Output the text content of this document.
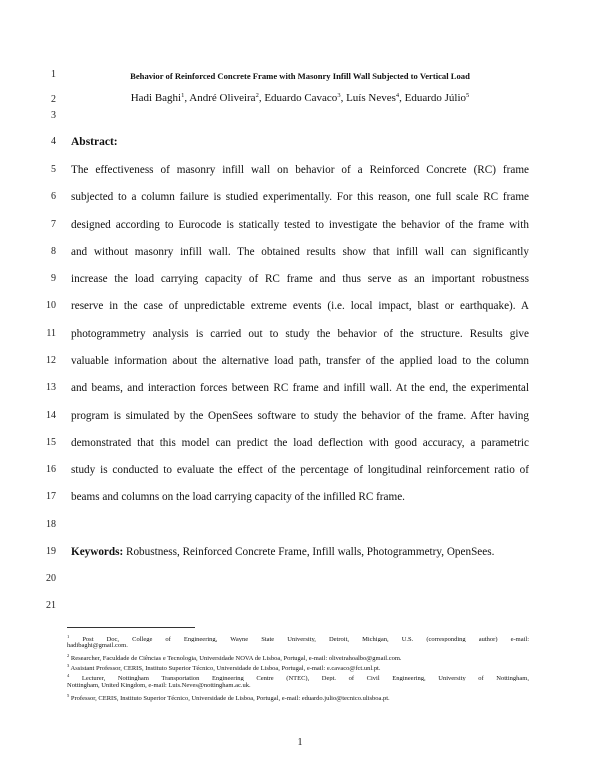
1
2
3
4
5
6
7
8
9
10
11
12
13
14
15
16
17
18
19
20
21
Behavior of Reinforced Concrete Frame with Masonry Infill Wall Subjected to Vertical Load
Hadi Baghi$^1$, André Oliveira$^2$, Eduardo Cavaco$^3$, Luís Neves$^4$, Eduardo Júlio$^5$
Abstract:
The effectiveness of masonry infill wall on behavior of a Reinforced Concrete (RC) frame
subjected to a column failure is studied experimentally. For this reason, one full scale RC frame
designed according to Eurocode is statically tested to investigate the behavior of the frame with
and without masonry infill wall. The obtained results show that infill wall can significantly
increase the load carrying capacity of RC frame and thus serve as an important robustness
reserve in the case of unpredictable extreme events (i.e. local impact, blast or earthquake). A
photogrammetry analysis is carried out to study the behavior of the structure. Results give
valuable information about the alternative load path, transfer of the applied load to the column
and beams, and interaction forces between RC frame and infill wall. At the end, the experimental
program is simulated by the OpenSees software to study the behavior of the frame. After having
demonstrated that this model can predict the load deflection with good accuracy, a parametric
study is conducted to evaluate the effect of the percentage of longitudinal reinforcement ratio of
beams and columns on the load carrying capacity of the infilled RC frame.
Keywords: Robustness, Reinforced Concrete Frame, Infill walls, Photogrammetry, OpenSees.
$^1$ Post Doc, College of Engineering, Wayne State University, Detroit, Michigan, U.S. (corresponding author) e-mail:
hadibaghi@gmail.com.
$^2$ Researcher, Faculdade de Ciências e Tecnologia, Universidade NOVA de Lisboa, Portugal, e-mail: oliveirahoalbo@gmail.com.
$^3$ Assistant Professor, CERIS, Instituto Superior Técnico, Universidade de Lisboa, Portugal, e-mail: e.cavaco@fct.unl.pt.
$^4$ Lecturer, Nottingham Transportation Engineering Centre (NTEC), Dept. of Civil Engineering, University of Nottingham,
Nottingham, United Kingdom, e-mail: Luis.Neves@nottingham.ac.uk.
$^5$ Professor, CERIS, Instituto Superior Técnico, Universidade de Lisboa, Portugal, e-mail: eduardo.julio@tecnico.ulisboa.pt.
1
